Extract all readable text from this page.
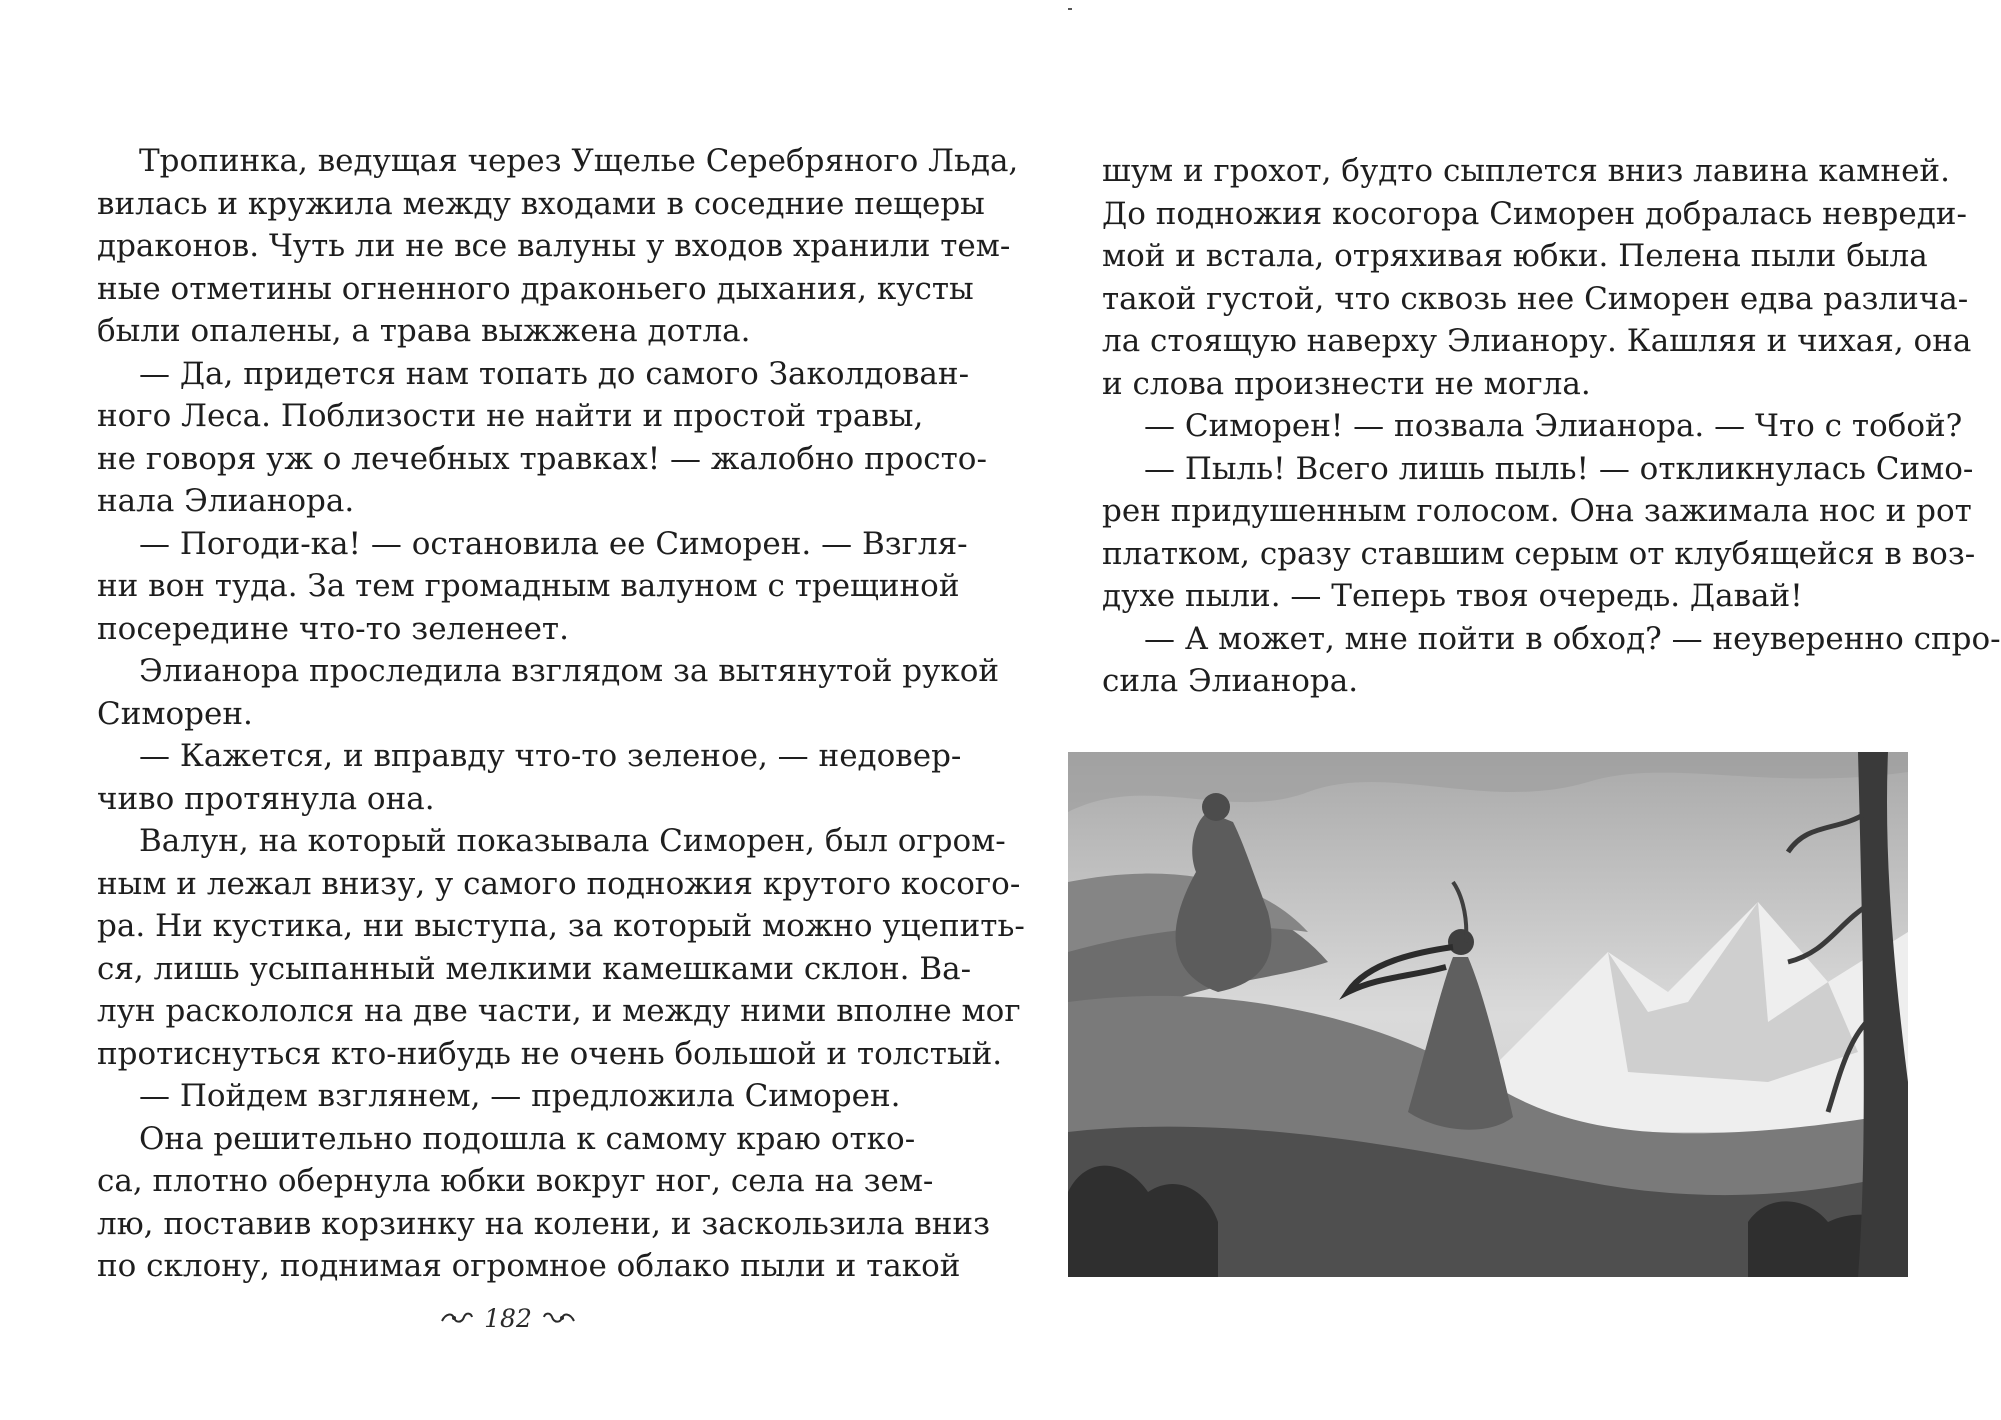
Тропинка, ведущая через Ущелье Серебряного Льда,
вилась и кружила между входами в соседние пещеры
драконов. Чуть ли не все валуны у входов хранили тем-
ные отметины огненного драконьего дыхания, кусты
были опалены, а трава выжжена дотла.
— Да, придется нам топать до самого Заколдован-
ного Леса. Поблизости не найти и простой травы,
не говоря уж о лечебных травках! — жалобно просто-
нала Элианора.
— Погоди-ка! — остановила ее Симорен. — Взгля-
ни вон туда. За тем громадным валуном с трещиной
посередине что-то зеленеет.
Элианора проследила взглядом за вытянутой рукой
Симорен.
— Кажется, и вправду что-то зеленое, — недовер-
чиво протянула она.
Валун, на который показывала Симорен, был огром-
ным и лежал внизу, у самого подножия крутого косого-
ра. Ни кустика, ни выступа, за который можно уцепить-
ся, лишь усыпанный мелкими камешками склон. Ва-
лун раскололся на две части, и между ними вполне мог
протиснуться кто-нибудь не очень большой и толстый.
— Пойдем взглянем, — предложила Симорен.
Она решительно подошла к самому краю отко-
са, плотно обернула юбки вокруг ног, села на зем-
лю, поставив корзинку на колени, и заскользила вниз
по склону, поднимая огромное облако пыли и такой
182
шум и грохот, будто сыплется вниз лавина камней.
До подножия косогора Симорен добралась невреди-
мой и встала, отряхивая юбки. Пелена пыли была
такой густой, что сквозь нее Симорен едва различа-
ла стоящую наверху Элианору. Кашляя и чихая, она
и слова произнести не могла.
— Симорен! — позвала Элианора. — Что с тобой?
— Пыль! Всего лишь пыль! — откликнулась Симо-
рен придушенным голосом. Она зажимала нос и рот
платком, сразу ставшим серым от клубящейся в воз-
духе пыли. — Теперь твоя очередь. Давай!
— А может, мне пойти в обход? — неуверенно спро-
сила Элианора.
